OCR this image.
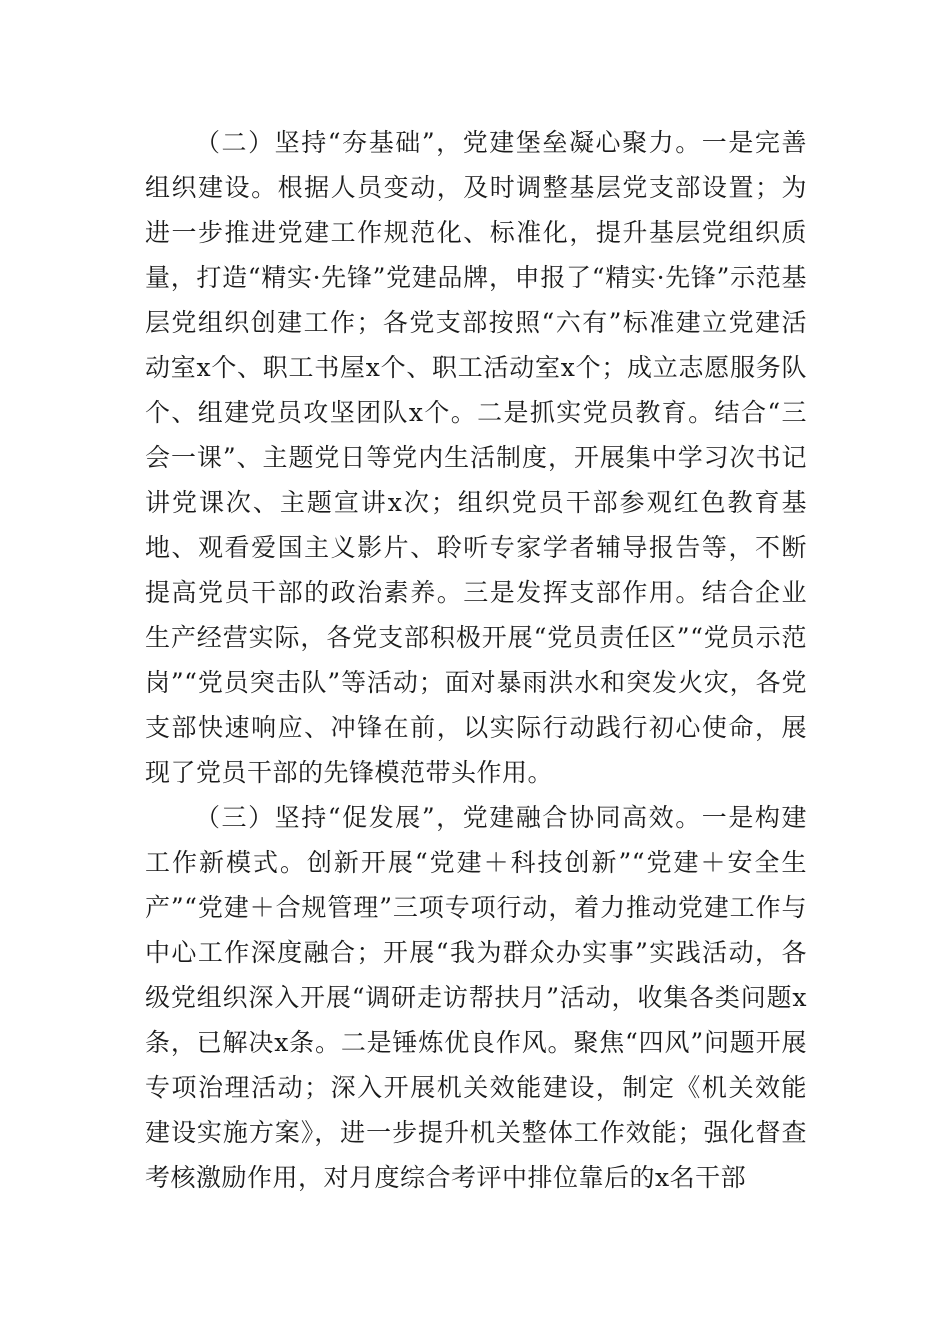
（二）坚持“夯基础”，党建堡垒凝心聚力。一是完善组织建设。根据人员变动，及时调整基层党支部设置；为进一步推进党建工作规范化、标准化，提升基层党组织质量，打造“精实·先锋”党建品牌，申报了“精实·先锋”示范基层党组织创建工作；各党支部按照“六有”标准建立党建活动室x个、职工书屋x个、职工活动室x个；成立志愿服务队个、组建党员攻坚团队x个。二是抓实党员教育。结合“三会一课”、主题党日等党内生活制度，开展集中学习次书记讲党课次、主题宣讲x次；组织党员干部参观红色教育基地、观看爱国主义影片、聆听专家学者辅导报告等，不断提高党员干部的政治素养。三是发挥支部作用。结合企业生产经营实际，各党支部积极开展“党员责任区”“党员示范岗”“党员突击队”等活动；面对暴雨洪水和突发火灾，各党支部快速响应、冲锋在前，以实际行动践行初心使命，展现了党员干部的先锋模范带头作用。

（三）坚持“促发展”，党建融合协同高效。一是构建工作新模式。创新开展“党建＋科技创新”“党建＋安全生产”“党建＋合规管理”三项专项行动，着力推动党建工作与中心工作深度融合；开展“我为群众办实事”实践活动，各级党组织深入开展“调研走访帮扶月”活动，收集各类问题x条，已解决x条。二是锤炼优良作风。聚焦“四风”问题开展专项治理活动；深入开展机关效能建设，制定《机关效能建设实施方案》，进一步提升机关整体工作效能；强化督查考核激励作用，对月度综合考评中排位靠后的x名干部
